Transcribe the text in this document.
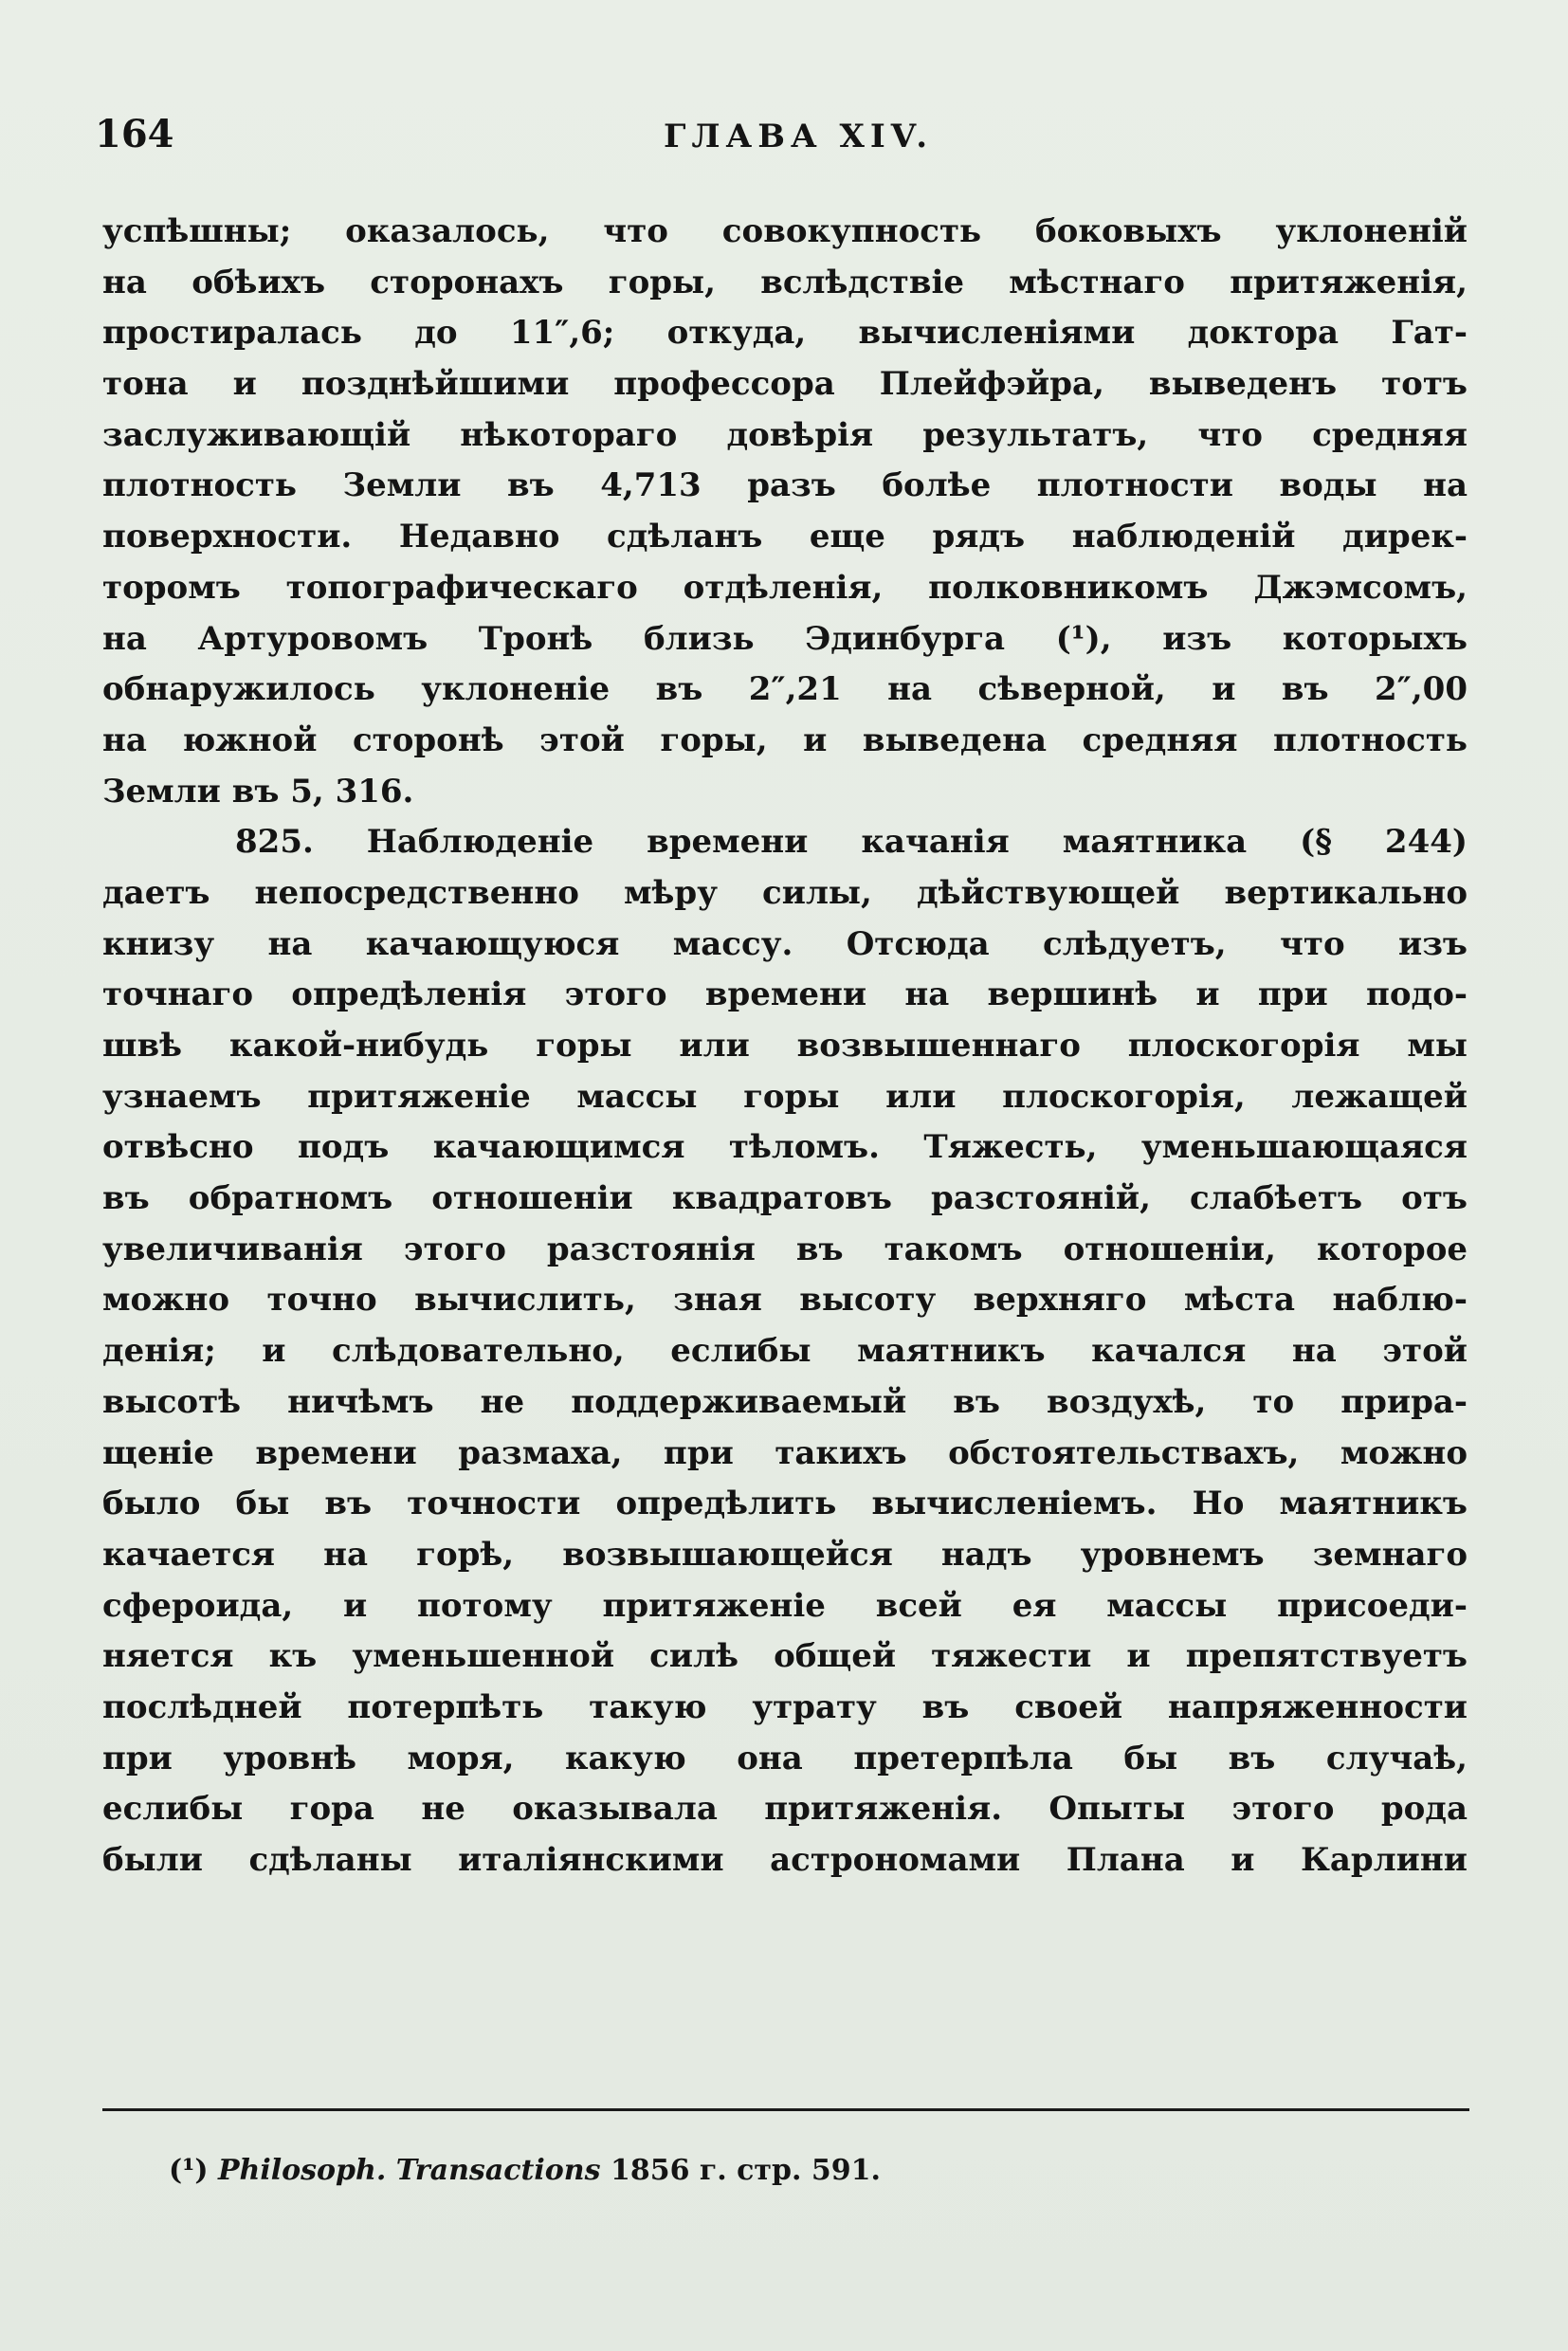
164	ГЛАВА XIV.
успѣшны; оказалось, что совокупность боковыхъ уклоненій
на обѣихъ сторонахъ горы, вслѣдствіе мѣстнаго притяженія,
простиралась до 11″,6; откуда, вычисленіями доктора Гат-
тона и позднѣйшими профессора Плейфэйра, выведенъ тотъ
заслуживающій нѣкотораго довѣрія результатъ, что средняя
плотность Земли въ 4,713 разъ болѣе плотности воды на
поверхности. Недавно сдѣланъ еще рядъ наблюденій дирек-
торомъ топографическаго отдѣленія, полковникомъ Джэмсомъ,
на Артуровомъ Тронѣ близь Эдинбурга (¹), изъ которыхъ
обнаружилось уклоненіе въ 2″,21 на сѣверной, и въ 2″,00
на южной сторонѣ этой горы, и выведена средняя плотность
Земли въ 5, 316.
825. Наблюденіе времени качанія маятника (§ 244)
даетъ непосредственно мѣру силы, дѣйствующей вертикально
книзу на качающуюся массу. Отсюда слѣдуетъ, что изъ
точнаго опредѣленія этого времени на вершинѣ и при подо-
швѣ какой-нибудь горы или возвышеннаго плоскогорія мы
узнаемъ притяженіе массы горы или плоскогорія, лежащей
отвѣсно подъ качающимся тѣломъ. Тяжесть, уменьшающаяся
въ обратномъ отношеніи квадратовъ разстояній, слабѣетъ отъ
увеличиванія этого разстоянія въ такомъ отношеніи, которое
можно точно вычислить, зная высоту верхняго мѣста наблю-
денія; и слѣдовательно, еслибы маятникъ качался на этой
высотѣ ничѣмъ не поддерживаемый въ воздухѣ, то прира-
щеніе времени размаха, при такихъ обстоятельствахъ, можно
было бы въ точности опредѣлить вычисленіемъ. Но маятникъ
качается на горѣ, возвышающейся надъ уровнемъ земнаго
сфероида, и потому притяженіе всей ея массы присоеди-
няется къ уменьшенной силѣ общей тяжести и препятствуетъ
послѣдней потерпѣть такую утрату въ своей напряженности
при уровнѣ моря, какую она претерпѣла бы въ случаѣ,
еслибы гора не оказывала притяженія. Опыты этого рода
были сдѣланы италіянскими астрономами Плана и Карлини
(¹) Philosoph. Transactions 1856 г. стр. 591.
